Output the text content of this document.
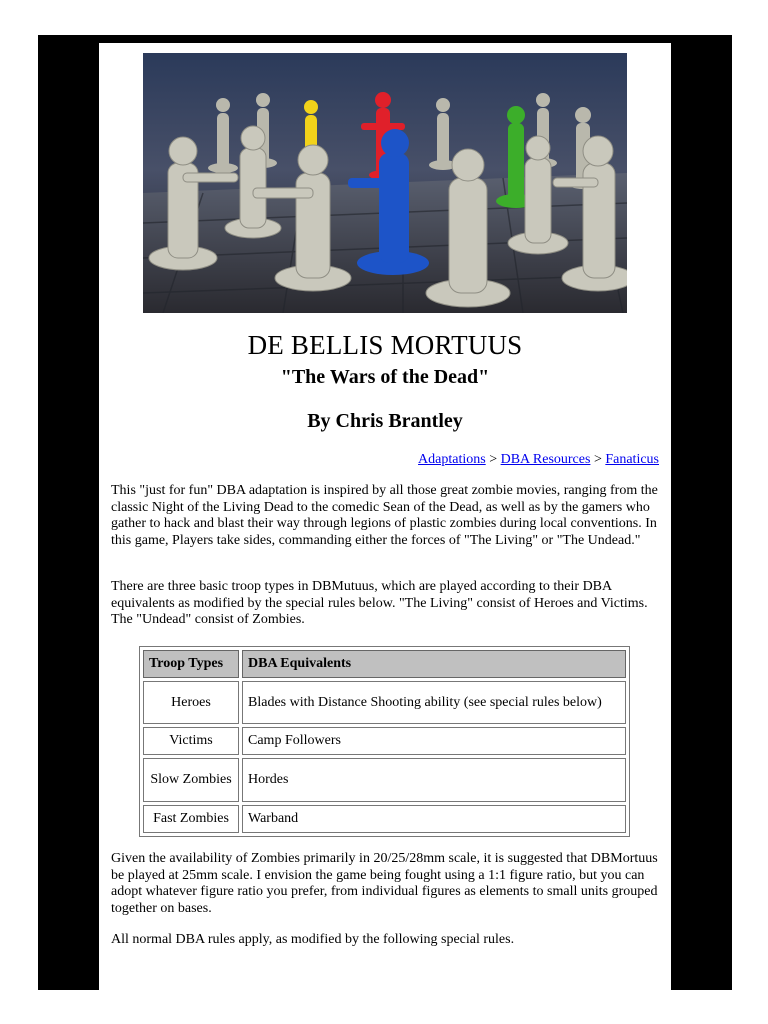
DE BELLIS MORTUUS
"The Wars of the Dead"
By Chris Brantley
Adaptations > DBA Resources > Fanaticus

This "just for fun" DBA adaptation is inspired by all those great zombie movies, ranging from the classic Night of the Living Dead to the comedic Sean of the Dead, as well as by the gamers who gather to hack and blast their way through legions of plastic zombies during local conventions. In this game, Players take sides, commanding either the forces of "The Living" or "The Undead."

There are three basic troop types in DBMutuus, which are played according to their DBA equivalents as modified by the special rules below. "The Living" consist of Heroes and Victims. The "Undead" consist of Zombies.

Troop Types	DBA Equivalents
Heroes	Blades with Distance Shooting ability (see special rules below)
Victims	Camp Followers
Slow Zombies	Hordes
Fast Zombies	Warband

Given the availability of Zombies primarily in 20/25/28mm scale, it is suggested that DBMortuus be played at 25mm scale. I envision the game being fought using a 1:1 figure ratio, but you can adopt whatever figure ratio you prefer, from individual figures as elements to small units grouped together on bases.

All normal DBA rules apply, as modified by the following special rules.
